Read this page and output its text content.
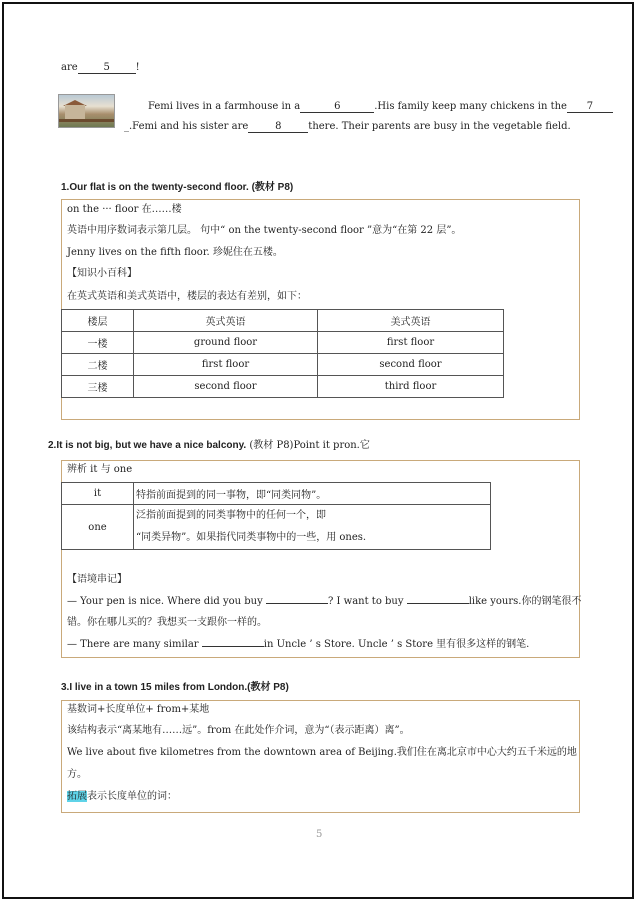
are	5	!
Femi lives in a farmhouse in a	6	.His family keep many chickens in the 7
_.Femi and his sister are	8	there. Their parents are busy in the vegetable field.
1.Our flat is on the twenty-second floor. (教材 P8)
on the ··· floor 在……楼
英语中用序数词表示第几层。 句中“ on the twenty-second floor ”意为“在第 22 层”。
Jenny lives on the fifth floor. 珍妮住在五楼。
【知识小百科】
在英式英语和美式英语中，楼层的表达有差别，如下：
楼层	英式英语	美式英语
一楼	ground floor	first floor
二楼	first floor	second floor
三楼	second floor	third floor
2.It is not big, but we have a nice balcony. (教材 P8)Point it pron.它
辨析 it 与 one
it	特指前面提到的同一事物，即“同类同物”。
one	泛指前面提到的同类事物中的任何一个，即
“同类异物”。如果指代同类事物中的一些，用 ones.
【语境串记】
— Your pen is nice. Where did you buy	? I want to buy	like yours.你的钢笔很不
错。你在哪儿买的？我想买一支跟你一样的。
— There are many similar	in Uncle ’ s Store. Uncle ’ s Store 里有很多这样的钢笔.
3.I live in a town 15 miles from London.(教材 P8)
基数词+长度单位+ from+某地
该结构表示“离某地有……远”。from 在此处作介词，意为“（表示距离）离”。
We live about five kilometres from the downtown area of Beijing.我们住在离北京市中心大约五千米远的地
方。
拓展表示长度单位的词：
5
